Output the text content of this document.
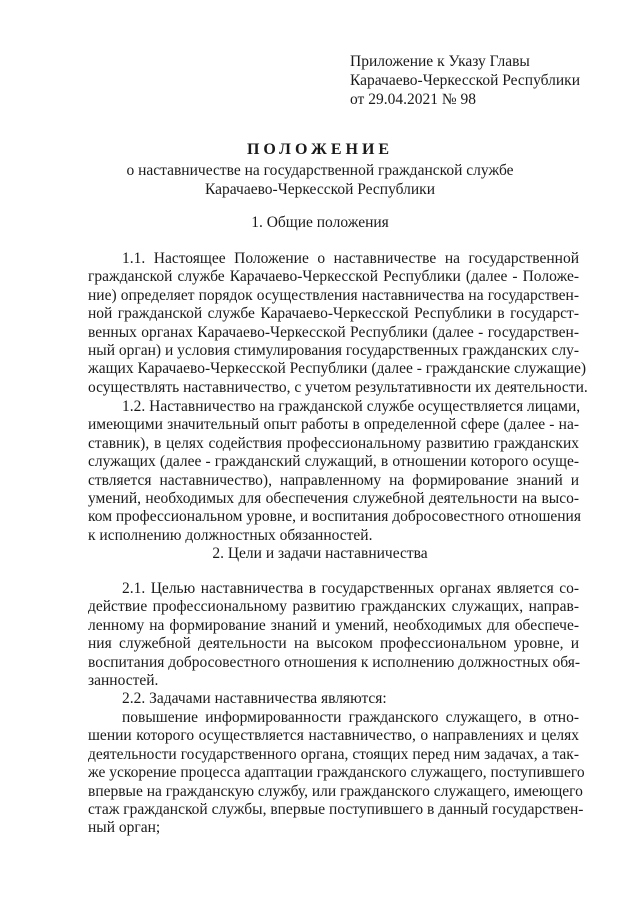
Приложение к Указу Главы
Карачаево-Черкесской Республики
от 29.04.2021 № 98
ПОЛОЖЕНИЕ
о наставничестве на государственной гражданской службе
Карачаево-Черкесской Республики
1. Общие положения
1.1. Настоящее Положение о наставничестве на государственной
гражданской службе Карачаево-Черкесской Республики (далее - Положе-
ние) определяет порядок осуществления наставничества на государствен-
ной гражданской службе Карачаево-Черкесской Республики в государст-
венных органах Карачаево-Черкесской Республики (далее - государствен-
ный орган) и условия стимулирования государственных гражданских слу-
жащих Карачаево-Черкесской Республики (далее - гражданские служащие)
осуществлять наставничество, с учетом результативности их деятельности.
1.2. Наставничество на гражданской службе осуществляется лицами,
имеющими значительный опыт работы в определенной сфере (далее - на-
ставник), в целях содействия профессиональному развитию гражданских
служащих (далее - гражданский служащий, в отношении которого осуще-
ствляется наставничество), направленному на формирование знаний и
умений, необходимых для обеспечения служебной деятельности на высо-
ком профессиональном уровне, и воспитания добросовестного отношения
к исполнению должностных обязанностей.
2. Цели и задачи наставничества
2.1. Целью наставничества в государственных органах является со-
действие профессиональному развитию гражданских служащих, направ-
ленному на формирование знаний и умений, необходимых для обеспече-
ния служебной деятельности на высоком профессиональном уровне, и
воспитания добросовестного отношения к исполнению должностных обя-
занностей.
2.2. Задачами наставничества являются:
повышение информированности гражданского служащего, в отно-
шении которого осуществляется наставничество, о направлениях и целях
деятельности государственного органа, стоящих перед ним задачах, а так-
же ускорение процесса адаптации гражданского служащего, поступившего
впервые на гражданскую службу, или гражданского служащего, имеющего
стаж гражданской службы, впервые поступившего в данный государствен-
ный орган;
